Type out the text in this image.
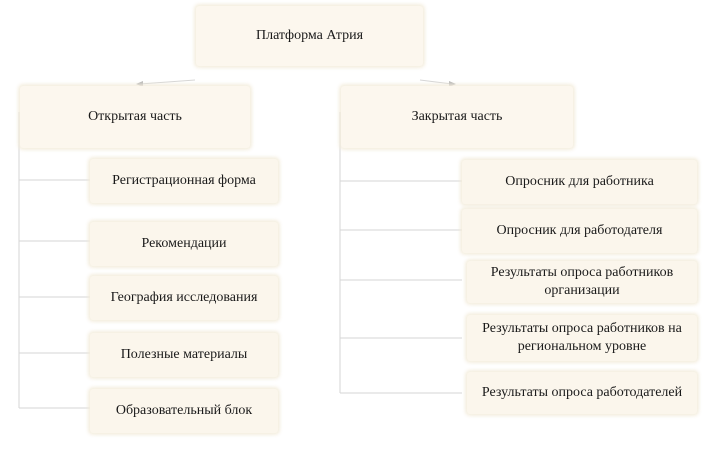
Платформа Атрия
Открытая часть
Регистрационная форма
Рекомендации
География исследования
Полезные материалы
Образовательный блок
Закрытая часть
Опросник для работника
Опросник для работодателя
Результаты опроса работников организации
Результаты опроса работников на региональном уровне
Результаты опроса работодателей
